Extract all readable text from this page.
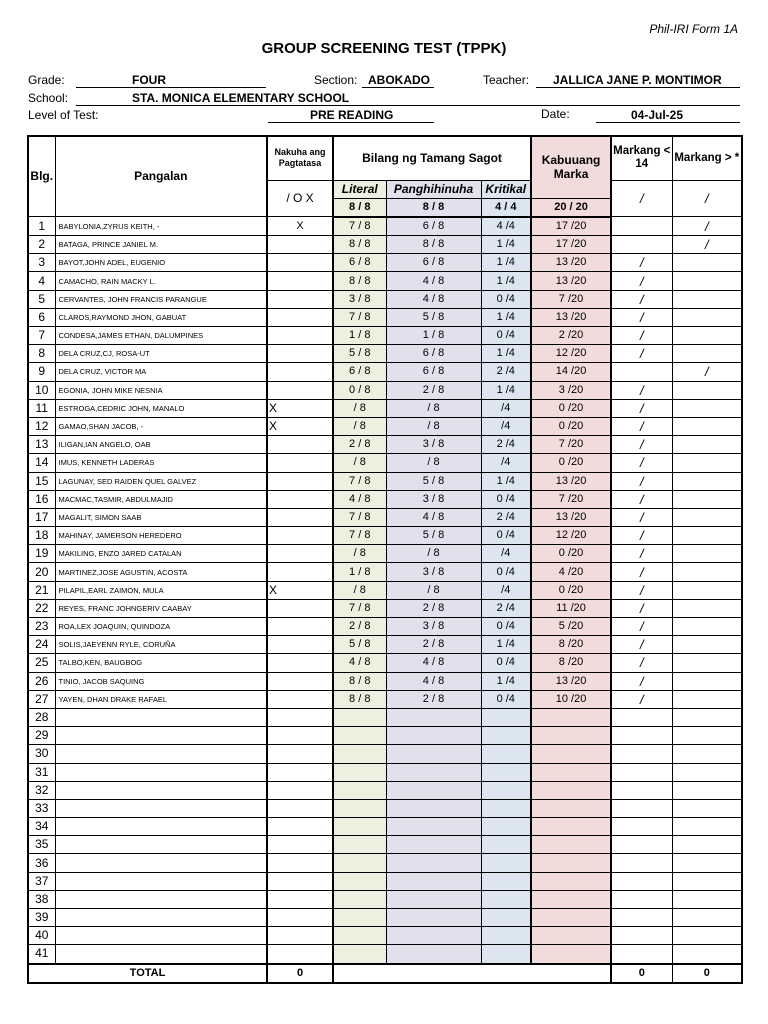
Phil-IRI Form 1A
GROUP SCREENING TEST (TPPK)
Grade:	FOUR	Section: ABOKADO	Teacher: JALLICA JANE P. MONTIMOR
School:	STA. MONICA ELEMENTARY SCHOOL
Level of Test:	PRE READING	Date:	04-Jul-25
Blg.	Pangalan	Nakuha ang Pagtatasa	Bilang ng Tamang Sagot			Kabuuang Marka	Markang < 14	Markang > *
		/ O X	Literal	Panghihinuha	Kritikal		/	/
			8 / 8	8 / 8	4 / 4	20 / 20		
1	BABYLONIA,ZYRUS KEITH, -	X	7 / 8	6 / 8	4 /4	17 /20		/
2	BATAGA, PRINCE JANIEL M.		8 / 8	8 / 8	1 /4	17 /20		/
3	BAYOT,JOHN ADEL, EUGENIO		6 / 8	6 / 8	1 /4	13 /20	/	
4	CAMACHO, RAIN MACKY L.		8 / 8	4 / 8	1 /4	13 /20	/	
5	CERVANTES, JOHN FRANCIS PARANGUE		3 / 8	4 / 8	0 /4	7 /20	/	
6	CLAROS,RAYMOND JHON, GABUAT		7 / 8	5 / 8	1 /4	13 /20	/	
7	CONDESA,JAMES ETHAN, DALUMPINES		1 / 8	1 / 8	0 /4	2 /20	/	
8	DELA CRUZ,CJ, ROSA-UT		5 / 8	6 / 8	1 /4	12 /20	/	
9	DELA CRUZ, VICTOR MA		6 / 8	6 / 8	2 /4	14 /20		/
10	EGONIA, JOHN MIKE NESNIA		0 / 8	2 / 8	1 /4	3 /20	/	
11	ESTROGA,CEDRIC JOHN, MANALO	X	/ 8	/ 8	/4	0 /20	/	
12	GAMAO,SHAN JACOB, -	X	/ 8	/ 8	/4	0 /20	/	
13	ILIGAN,IAN ANGELO, OAB		2 / 8	3 / 8	2 /4	7 /20	/	
14	IMUS, KENNETH LADERAS		/ 8	/ 8	/4	0 /20	/	
15	LAGUNAY, SED RAIDEN QUEL GALVEZ		7 / 8	5 / 8	1 /4	13 /20	/	
16	MACMAC,TASMIR, ABDULMAJID		4 / 8	3 / 8	0 /4	7 /20	/	
17	MAGALIT, SIMON SAAB		7 / 8	4 / 8	2 /4	13 /20	/	
18	MAHINAY, JAMERSON HEREDERO		7 / 8	5 / 8	0 /4	12 /20	/	
19	MAKILING, ENZO JARED CATALAN		/ 8	/ 8	/4	0 /20	/	
20	MARTINEZ,JOSE AGUSTIN, ACOSTA		1 / 8	3 / 8	0 /4	4 /20	/	
21	PILAPIL,EARL ZAIMON, MULA	X	/ 8	/ 8	/4	0 /20	/	
22	REYES, FRANC JOHNGERIV CAABAY		7 / 8	2 / 8	2 /4	11 /20	/	
23	ROA,LEX JOAQUIN, QUINDOZA		2 / 8	3 / 8	0 /4	5 /20	/	
24	SOLIS,JAEYENN RYLE, CORUÑA		5 / 8	2 / 8	1 /4	8 /20	/	
25	TALBO,KEN, BAUGBOG		4 / 8	4 / 8	0 /4	8 /20	/	
26	TINIO, JACOB SAQUING		8 / 8	4 / 8	1 /4	13 /20	/	
27	YAYEN, DHAN DRAKE RAFAEL		8 / 8	2 / 8	0 /4	10 /20	/	
28		

29		

30		

31		

32		

33		

34		

35		

36		

37		

38		

39		

40		

41		

TOTAL		0					0	0
